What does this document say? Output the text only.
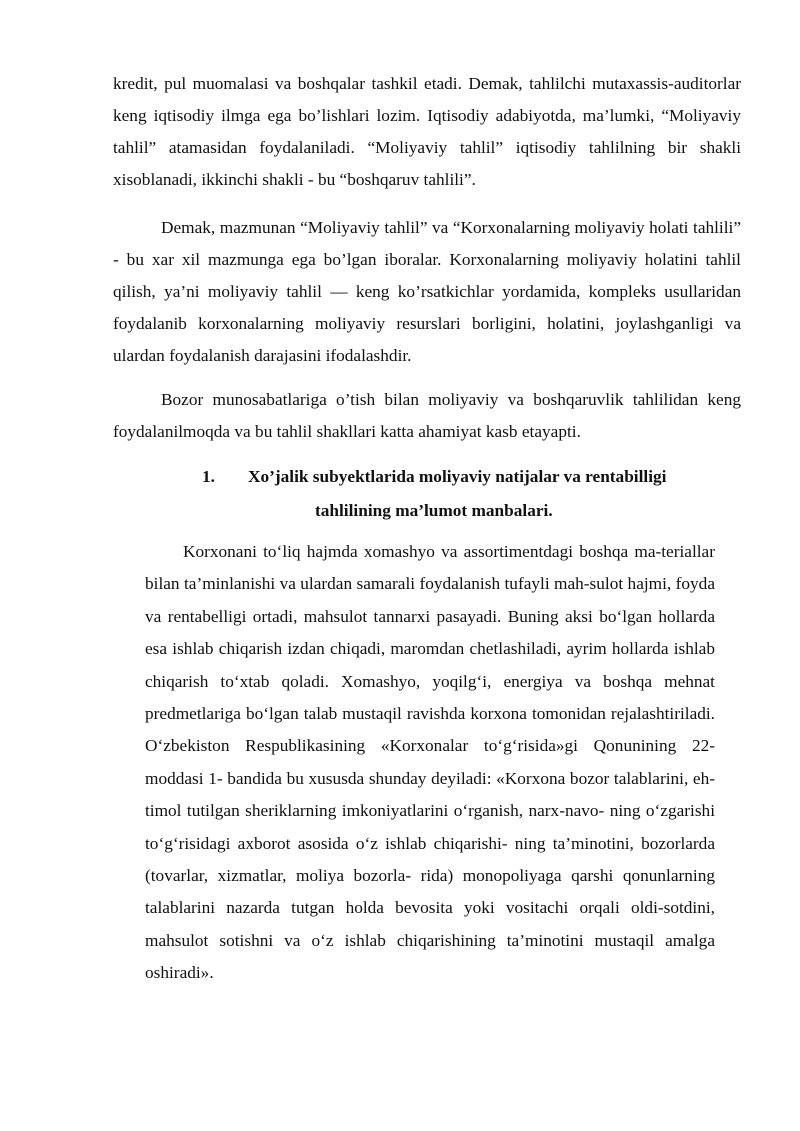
kredit, pul muomalasi va boshqalar tashkil etadi. Demak, tahlilchi mutaxassis-auditorlar keng iqtisodiy ilmga ega bo’lishlari lozim. Iqtisodiy adabiyotda, ma’lumki, “Moliyaviy tahlil” atamasidan foydalaniladi. “Moliyaviy tahlil” iqtisodiy tahlilning bir shakli xisoblanadi, ikkinchi shakli - bu “boshqaruv tahlili”.

Demak, mazmunan “Moliyaviy tahlil” va “Korxonalarning moliyaviy holati tahlili” - bu xar xil mazmunga ega bo’lgan iboralar. Korxonalarning moliyaviy holatini tahlil qilish, ya’ni moliyaviy tahlil — keng ko’rsatkichlar yordamida, kompleks usullaridan foydalanib korxonalarning moliyaviy resurslari borligini, holatini, joylashganligi va ulardan foydalanish darajasini ifodalashdir.

Bozor munosabatlariga o’tish bilan moliyaviy va boshqaruvlik tahlilidan keng foydalanilmoqda va bu tahlil shakllari katta ahamiyat kasb etayapti.

1. Xo’jalik subyektlarida moliyaviy natijalar va rentabilligi
tahlilining ma’lumot manbalari.

Korxonani to‘liq hajmda xomashyo va assortimentdagi boshqa ma-teriallar bilan ta’minlanishi va ulardan samarali foydalanish tufayli mah-sulot hajmi, foyda va rentabelligi ortadi, mahsulot tannarxi pasayadi. Buning aksi bo‘lgan hollarda esa ishlab chiqarish izdan chiqadi, maromdan chetlashiladi, ayrim hollarda ishlab chiqarish to‘xtab qoladi. Xomashyo, yoqilg‘i, energiya va boshqa mehnat predmetlariga bo‘lgan talab mustaqil ravishda korxona tomonidan rejalashtiriladi. O‘zbekiston Respublikasining «Korxonalar to‘g‘risida»gi Qonunining 22-moddasi 1- bandida bu xususda shunday deyiladi: «Korxona bozor talablarini, eh- timol tutilgan sheriklarning imkoniyatlarini o‘rganish, narx-navo- ning o‘zgarishi to‘g‘risidagi axborot asosida o‘z ishlab chiqarishi- ning ta’minotini, bozorlarda (tovarlar, xizmatlar, moliya bozorla- rida) monopoliyaga qarshi qonunlarning talablarini nazarda tutgan holda bevosita yoki vositachi orqali oldi-sotdini, mahsulot sotishni va o‘z ishlab chiqarishining ta’minotini mustaqil amalga oshiradi».
